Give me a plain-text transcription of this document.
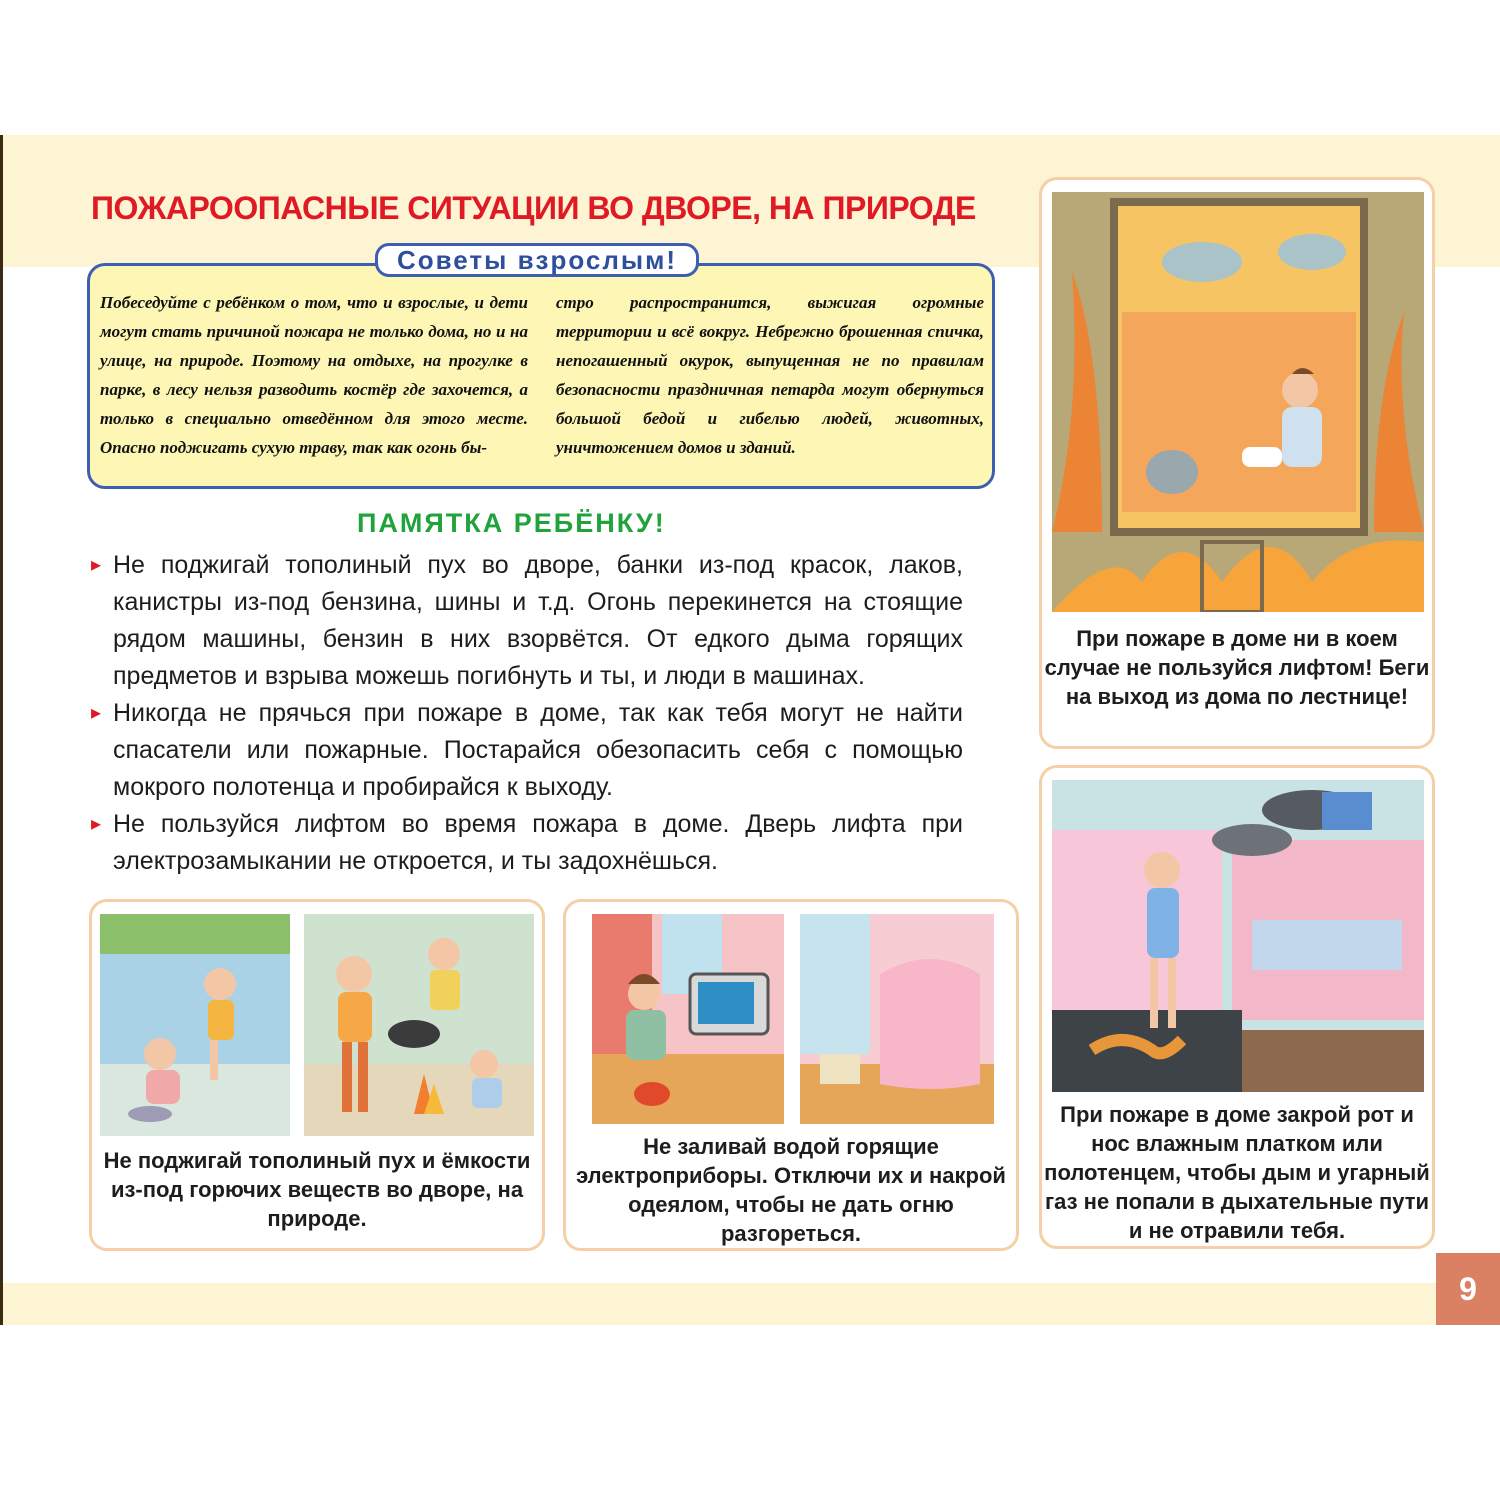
9
ПОЖАРООПАСНЫЕ СИТУАЦИИ ВО ДВОРЕ, НА ПРИРОДЕ
Советы взрослым!
Побеседуйте с ребёнком о том, что и взрослые, и дети могут стать причиной пожара не только дома, но и на улице, на природе. Поэтому на отдыхе, на прогулке в парке, в лесу нельзя разводить костёр где захочется, а только в специально отведённом для этого месте. Опасно поджигать сухую траву, так как огонь бы-
стро распространится, выжигая огромные территории и всё вокруг. Небрежно брошенная спичка, непогашенный окурок, выпущенная не по правилам безопасности праздничная петарда могут обернуться большой бедой и гибелью людей, животных, уничтожением домов и зданий.
ПАМЯТКА РЕБЁНКУ!
▸ Не поджигай тополиный пух во дворе, банки из-под красок, лаков, канистры из-под бензина, шины и т.д. Огонь перекинется на стоящие рядом машины, бензин в них взорвётся. От едкого дыма горящих предметов и взрыва можешь погибнуть и ты, и люди в машинах.
▸ Никогда не прячься при пожаре в доме, так как тебя могут не найти спасатели или пожарные. Постарайся обезопасить себя с помощью мокрого полотенца и пробирайся к выходу.
▸ Не пользуйся лифтом во время пожара в доме. Дверь лифта при электрозамыкании не откроется, и ты задохнёшься.
При пожаре в доме ни в коем случае не пользуйся лифтом! Беги на выход из дома по лестнице!
При пожаре в доме закрой рот и нос влажным платком или полотенцем, чтобы дым и угарный газ не попали в дыхательные пути и не отравили тебя.
Не поджигай тополиный пух и ёмкости из-под горючих веществ во дворе, на природе.
Не заливай водой горящие электроприборы. Отключи их и накрой одеялом, чтобы не дать огню разгореться.
